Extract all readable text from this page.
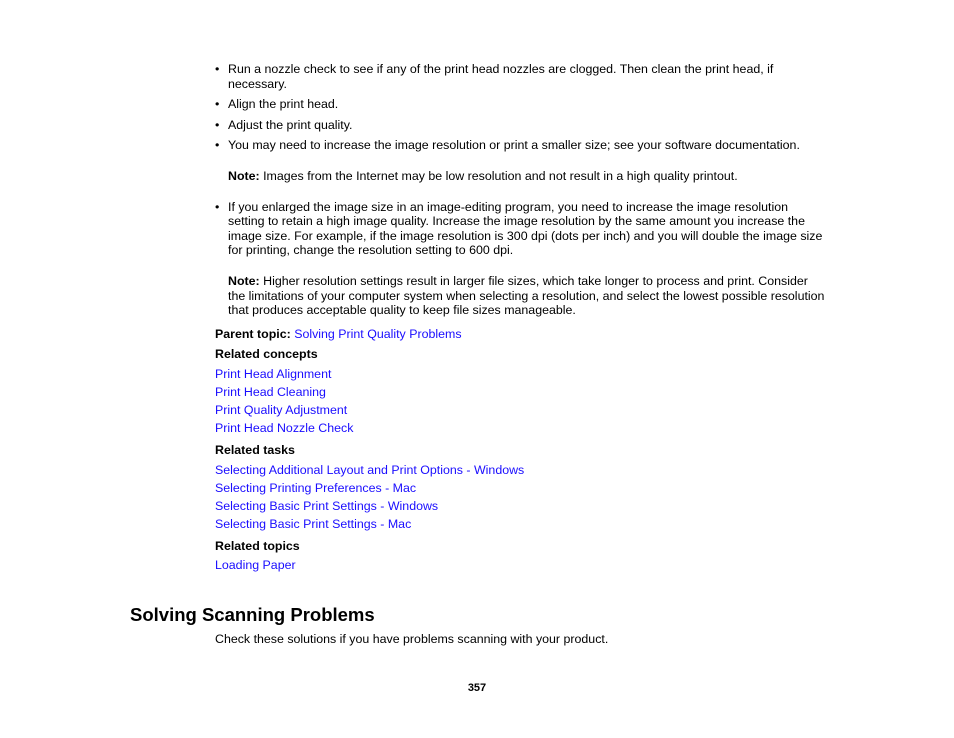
• Run a nozzle check to see if any of the print head nozzles are clogged. Then clean the print head, if necessary.
• Align the print head.
• Adjust the print quality.
• You may need to increase the image resolution or print a smaller size; see your software documentation.
Note: Images from the Internet may be low resolution and not result in a high quality printout.
• If you enlarged the image size in an image-editing program, you need to increase the image resolution setting to retain a high image quality. Increase the image resolution by the same amount you increase the image size. For example, if the image resolution is 300 dpi (dots per inch) and you will double the image size for printing, change the resolution setting to 600 dpi.
Note: Higher resolution settings result in larger file sizes, which take longer to process and print. Consider the limitations of your computer system when selecting a resolution, and select the lowest possible resolution that produces acceptable quality to keep file sizes manageable.
Parent topic: Solving Print Quality Problems
Related concepts
Print Head Alignment
Print Head Cleaning
Print Quality Adjustment
Print Head Nozzle Check
Related tasks
Selecting Additional Layout and Print Options - Windows
Selecting Printing Preferences - Mac
Selecting Basic Print Settings - Windows
Selecting Basic Print Settings - Mac
Related topics
Loading Paper
Solving Scanning Problems
Check these solutions if you have problems scanning with your product.
357
